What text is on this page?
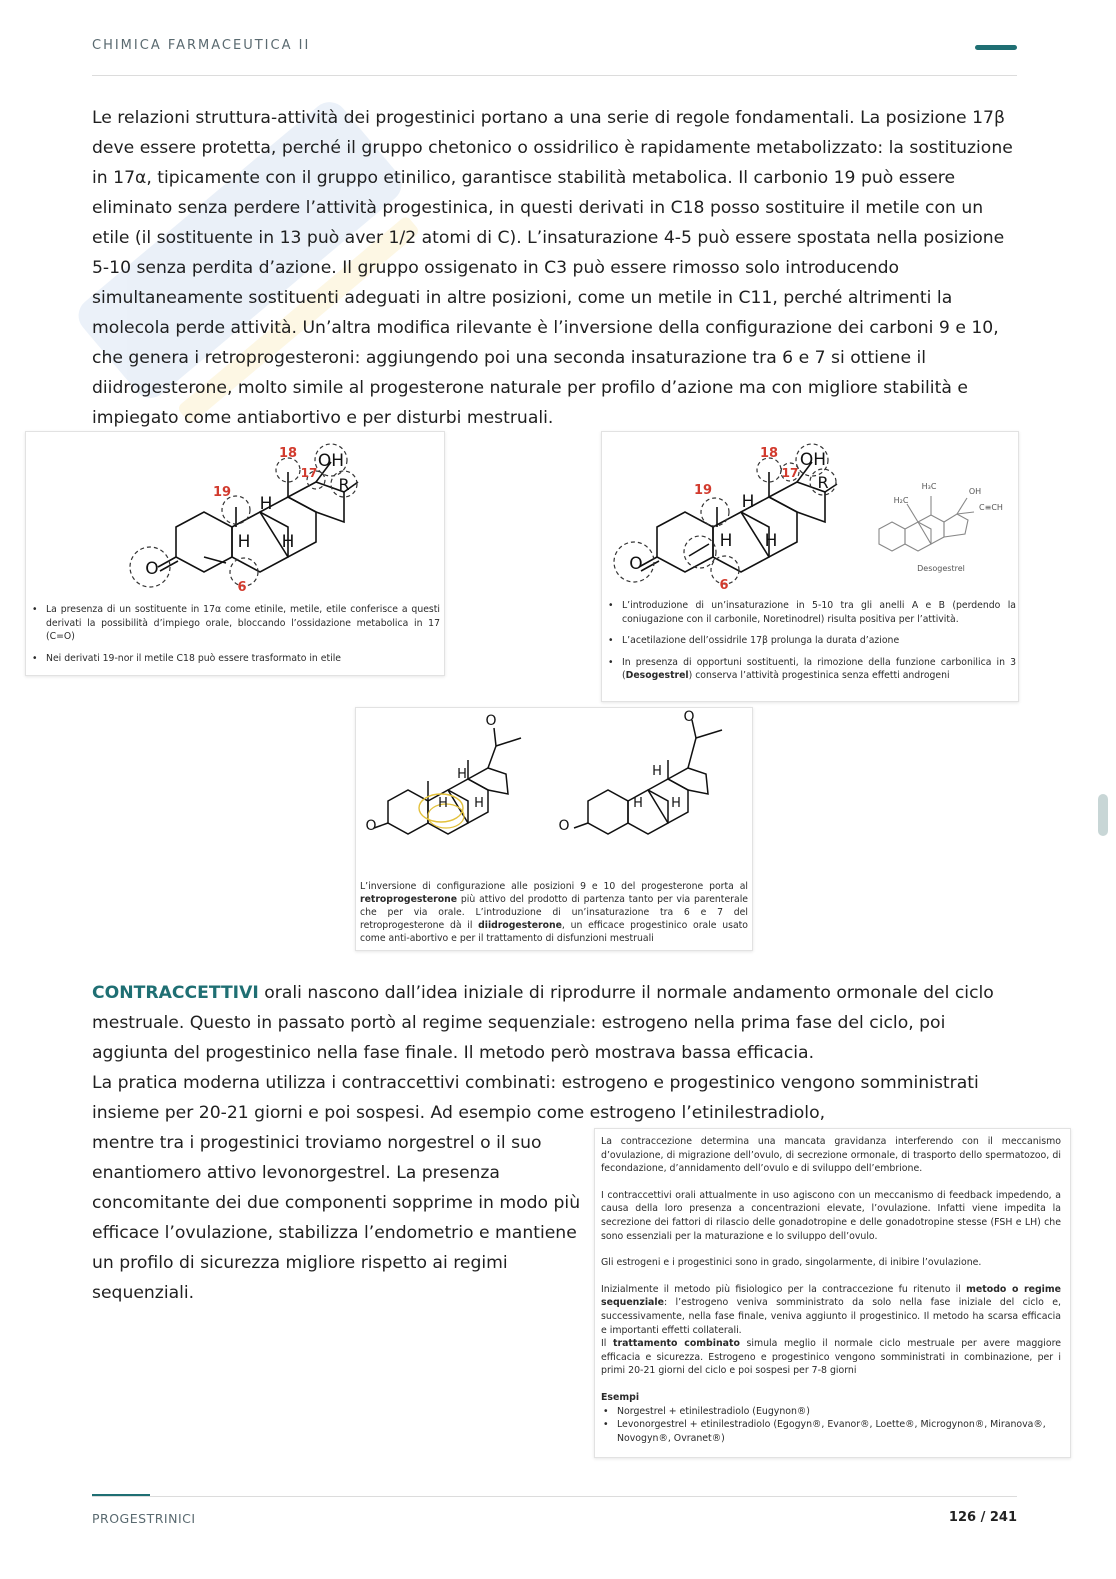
CHIMICA FARMACEUTICA II

Le relazioni struttura-attività dei progestinici portano a una serie di regole fondamentali. La posizione 17β deve essere protetta, perché il gruppo chetonico o ossidrilico è rapidamente metabolizzato: la sostituzione in 17α, tipicamente con il gruppo etinilico, garantisce stabilità metabolica. Il carbonio 19 può essere eliminato senza perdere l’attività progestinica, in questi derivati in C18 posso sostituire il metile con un etile (il sostituente in 13 può aver 1/2 atomi di C). L’insaturazione 4-5 può essere spostata nella posizione 5-10 senza perdita d’azione. Il gruppo ossigenato in C3 può essere rimosso solo introducendo simultaneamente sostituenti adeguati in altre posizioni, come un metile in C11, perché altrimenti la molecola perde attività. Un’altra modifica rilevante è l’inversione della configurazione dei carboni 9 e 10, che genera i retroprogesteroni: aggiungendo poi una seconda insaturazione tra 6 e 7 si ottiene il diidrogesterone, molto simile al progesterone naturale per profilo d’azione ma con migliore stabilità e impiegato come antiabortivo e per disturbi mestruali.

18
17
OH
R
19
H
H H
O
6
• La presenza di un sostituente in 17α come etinile, metile, etile conferisce a questi derivati la possibilità d’impiego orale, bloccando l’ossidazione metabolica in 17 (C=O)
• Nei derivati 19-nor il metile C18 può essere trasformato in etile
18
17
OH
R
19
H
H H
O
6
H₃C
H₂C
OH
C≡CH
Desogestrel
• L’introduzione di un’insaturazione in 5-10 tra gli anelli A e B (perdendo la coniugazione con il carbonile, Noretinodrel) risulta positiva per l’attività.
• L’acetilazione dell’ossidrile 17β prolunga la durata d’azione
• In presenza di opportuni sostituenti, la rimozione della funzione carbonilica in 3 (Desogestrel) conserva l’attività progestinica senza effetti androgeni
O
O
O
O
H
H H
H
H H

L’inversione di configurazione alle posizioni 9 e 10 del progesterone porta al retroprogesterone più attivo del prodotto di partenza tanto per via parenterale che per via orale. L’introduzione di un’insaturazione tra 6 e 7 del retroprogesterone dà il diidrogesterone, un efficace progestinico orale usato come anti-abortivo e per il trattamento di disfunzioni mestruali

CONTRACCETTIVI orali nascono dall’idea iniziale di riprodurre il normale andamento ormonale del ciclo mestruale. Questo in passato portò al regime sequenziale: estrogeno nella prima fase del ciclo, poi aggiunta del progestinico nella fase finale. Il metodo però mostrava bassa efficacia.
La pratica moderna utilizza i contraccettivi combinati: estrogeno e progestinico vengono somministrati insieme per 20-21 giorni e poi sospesi. Ad esempio come estrogeno l’etinilestradiolo,

mentre tra i progestinici troviamo norgestrel o il suo enantiomero attivo levonorgestrel. La presenza concomitante dei due componenti sopprime in modo più efficace l’ovulazione, stabilizza l’endometrio e mantiene un profilo di sicurezza migliore rispetto ai regimi sequenziali.

La contraccezione determina una mancata gravidanza interferendo con il meccanismo d’ovulazione, di migrazione dell’ovulo, di secrezione ormonale, di trasporto dello spermatozoo, di fecondazione, d’annidamento dell’ovulo e di sviluppo dell’embrione.

I contraccettivi orali attualmente in uso agiscono con un meccanismo di feedback impedendo, a causa della loro presenza a concentrazioni elevate, l’ovulazione. Infatti viene impedita la secrezione dei fattori di rilascio delle gonadotropine e delle gonadotropine stesse (FSH e LH) che sono essenziali per la maturazione e lo sviluppo dell’ovulo.

Gli estrogeni e i progestinici sono in grado, singolarmente, di inibire l’ovulazione.

Inizialmente il metodo più fisiologico per la contraccezione fu ritenuto il metodo o regime sequenziale: l’estrogeno veniva somministrato da solo nella fase iniziale del ciclo e, successivamente, nella fase finale, veniva aggiunto il progestinico. Il metodo ha scarsa efficacia e importanti effetti collaterali.

Il trattamento combinato simula meglio il normale ciclo mestruale per avere maggiore efficacia e sicurezza. Estrogeno e progestinico vengono somministrati in combinazione, per i primi 20-21 giorni del ciclo e poi sospesi per 7-8 giorni

Esempi
• Norgestrel + etinilestradiolo (Eugynon®)
• Levonorgestrel + etinilestradiolo (Egogyn®, Evanor®, Loette®, Microgynon®, Miranova®, Novogyn®, Ovranet®)
PROGESTRINICI	126 / 241
